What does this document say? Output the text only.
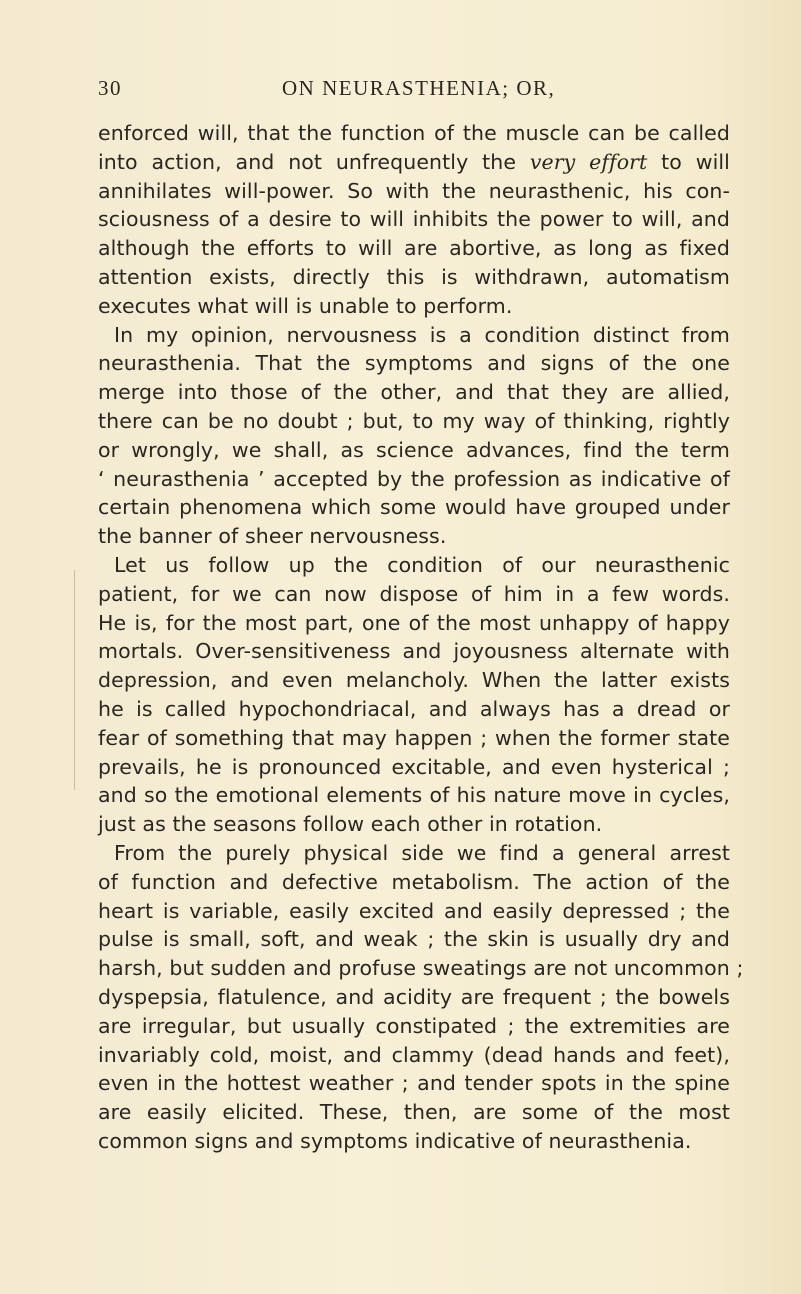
30	ON NEURASTHENIA; OR,
enforced will, that the function of the muscle can be called
into action, and not unfrequently the very effort to will
annihilates will-power. So with the neurasthenic, his con-
sciousness of a desire to will inhibits the power to will, and
although the efforts to will are abortive, as long as fixed
attention exists, directly this is withdrawn, automatism
executes what will is unable to perform.
In my opinion, nervousness is a condition distinct from
neurasthenia. That the symptoms and signs of the one
merge into those of the other, and that they are allied,
there can be no doubt ; but, to my way of thinking, rightly
or wrongly, we shall, as science advances, find the term
‘ neurasthenia ’ accepted by the profession as indicative of
certain phenomena which some would have grouped under
the banner of sheer nervousness.
Let us follow up the condition of our neurasthenic
patient, for we can now dispose of him in a few words.
He is, for the most part, one of the most unhappy of happy
mortals. Over-sensitiveness and joyousness alternate with
depression, and even melancholy. When the latter exists
he is called hypochondriacal, and always has a dread or
fear of something that may happen ; when the former state
prevails, he is pronounced excitable, and even hysterical ;
and so the emotional elements of his nature move in cycles,
just as the seasons follow each other in rotation.
From the purely physical side we find a general arrest
of function and defective metabolism. The action of the
heart is variable, easily excited and easily depressed ; the
pulse is small, soft, and weak ; the skin is usually dry and
harsh, but sudden and profuse sweatings are not uncommon ;
dyspepsia, flatulence, and acidity are frequent ; the bowels
are irregular, but usually constipated ; the extremities are
invariably cold, moist, and clammy (dead hands and feet),
even in the hottest weather ; and tender spots in the spine
are easily elicited. These, then, are some of the most
common signs and symptoms indicative of neurasthenia.
